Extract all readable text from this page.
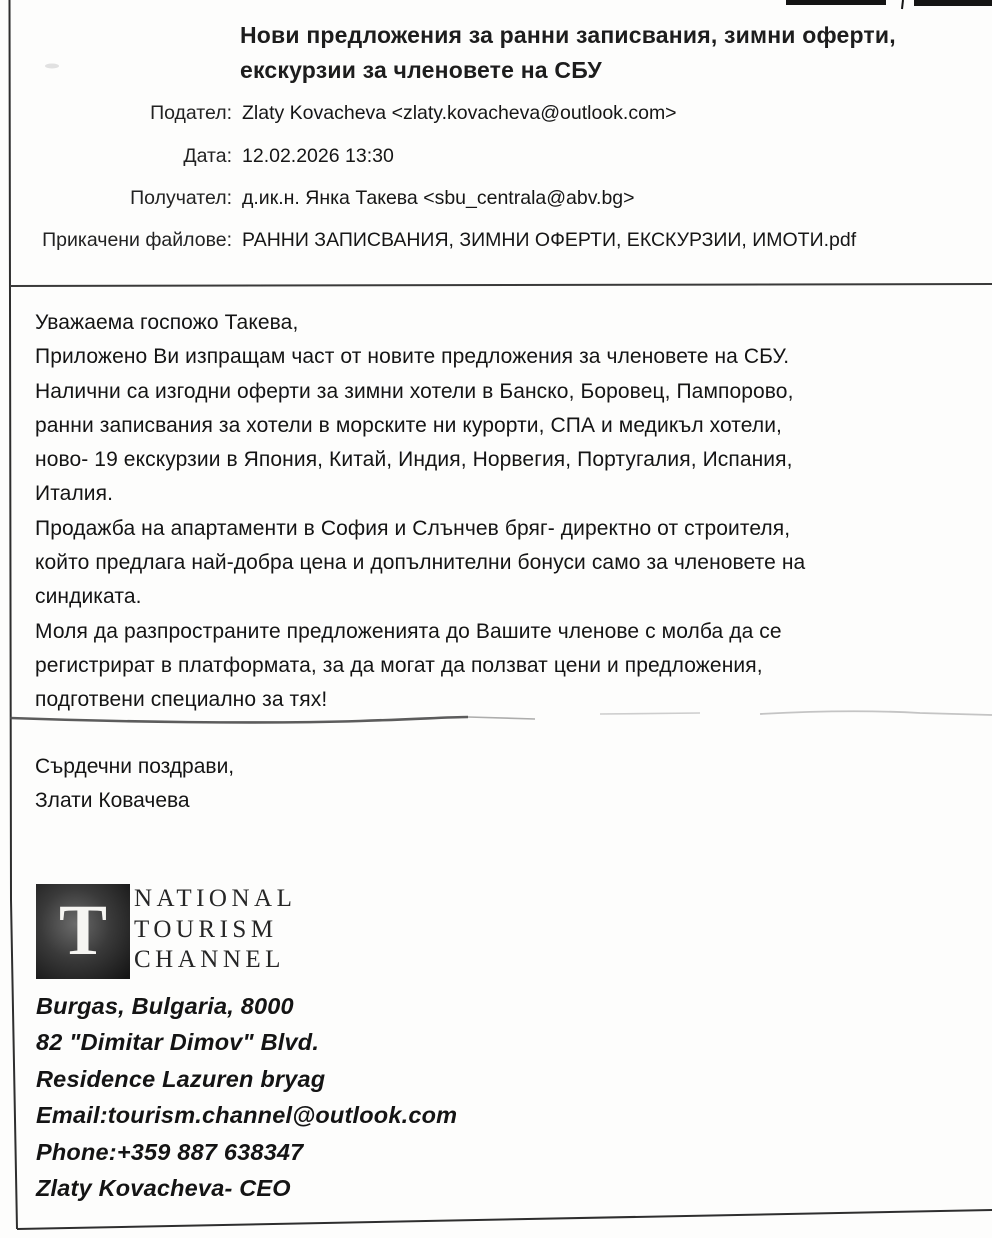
Нови предложения за ранни записвания, зимни оферти,
екскурзии за членовете на СБУ
Подател: Zlaty Kovacheva <zlaty.kovacheva@outlook.com>
Дата: 12.02.2026 13:30
Получател: д.ик.н. Янка Такева <sbu_centrala@abv.bg>
Прикачени файлове: РАННИ ЗАПИСВАНИЯ, ЗИМНИ ОФЕРТИ, ЕКСКУРЗИИ, ИМОТИ.pdf
Уважаема госпожо Такева,
Приложено Ви изпращам част от новите предложения за членовете на СБУ.
Налични са изгодни оферти за зимни хотели в Банско, Боровец, Пампорово,
ранни записвания за хотели в морските ни курорти, СПА и медикъл хотели,
ново- 19 екскурзии в Япония, Китай, Индия, Норвегия, Португалия, Испания,
Италия.
Продажба на апартаменти в София и Слънчев бряг- директно от строителя,
който предлага най-добра цена и допълнителни бонуси само за членовете на
синдиката.
Моля да разпространите предложенията до Вашите членове с молба да се
регистрират в платформата, за да могат да ползват цени и предложения,
подготвени специално за тях!
Сърдечни поздрави,
Злати Ковачева
T NATIONAL
TOURISM
CHANNEL
Burgas, Bulgaria, 8000
82 "Dimitar Dimov" Blvd.
Residence Lazuren bryag
Email:tourism.channel@outlook.com
Phone:+359 887 638347
Zlaty Kovacheva- CEO
